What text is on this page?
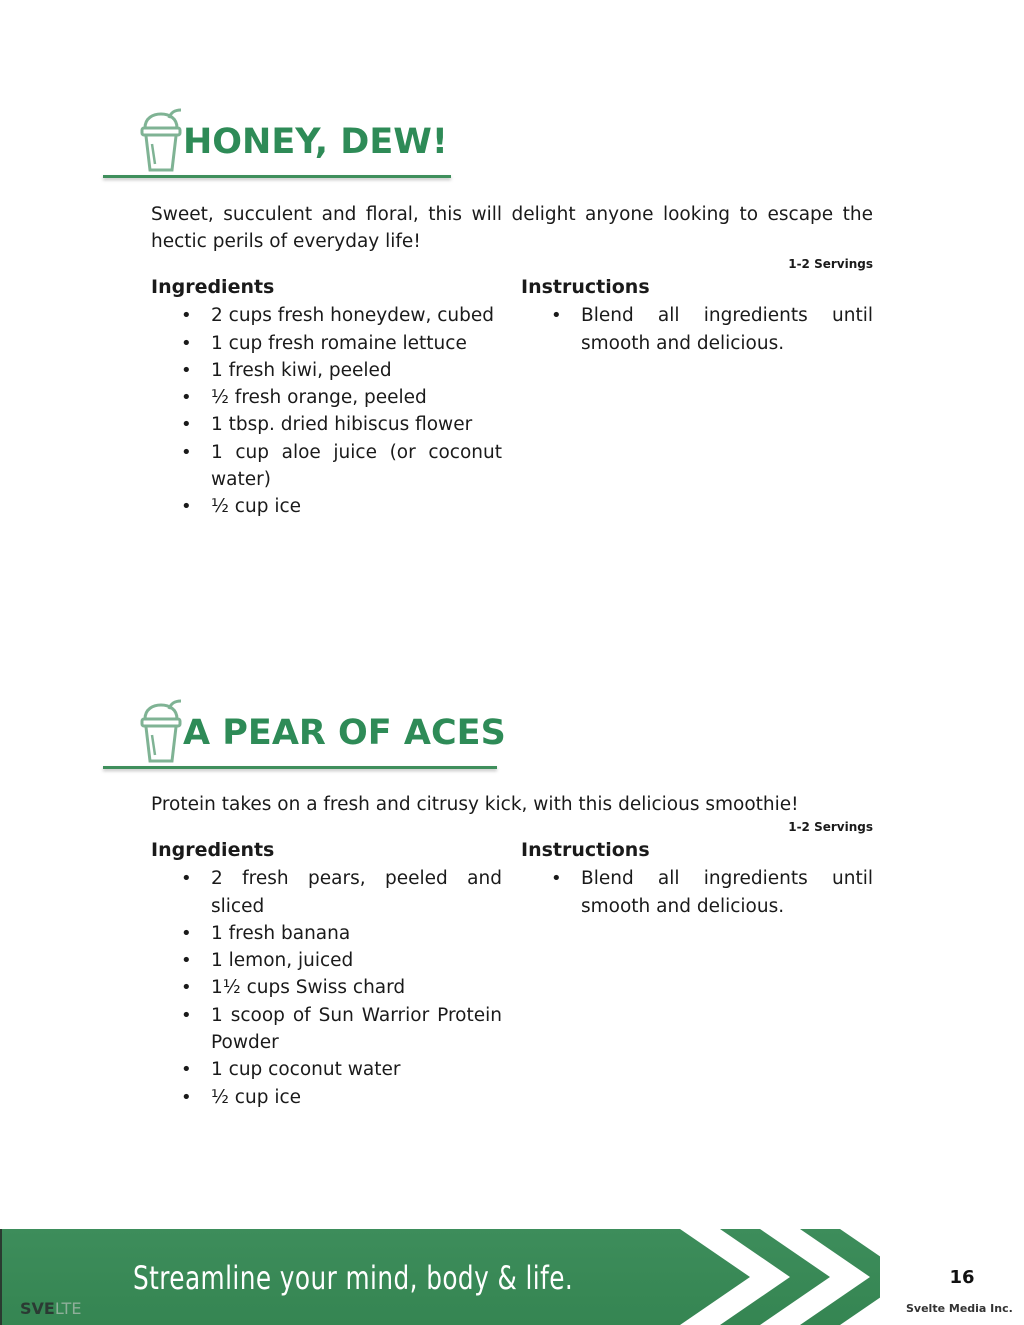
HONEY, DEW!

Sweet, succulent and floral, this will delight anyone looking to escape the hectic perils of everyday life!

1-2 Servings
Ingredients
• 2 cups fresh honeydew, cubed
• 1 cup fresh romaine lettuce
• 1 fresh kiwi, peeled
• ½ fresh orange, peeled
• 1 tbsp. dried hibiscus flower
• 1 cup aloe juice (or coconut water)
• ½ cup ice
Instructions
• Blend all ingredients until smooth and delicious.
A PEAR OF ACES

Protein takes on a fresh and citrusy kick, with this delicious smoothie!

1-2 Servings
Ingredients
• 2 fresh pears, peeled and sliced
• 1 fresh banana
• 1 lemon, juiced
• 1½ cups Swiss chard
• 1 scoop of Sun Warrior Protein Powder
• 1 cup coconut water
• ½ cup ice
Instructions
• Blend all ingredients until smooth and delicious.
Streamline your mind, body & life.	16
Svelte Media Inc.
SVELTE
